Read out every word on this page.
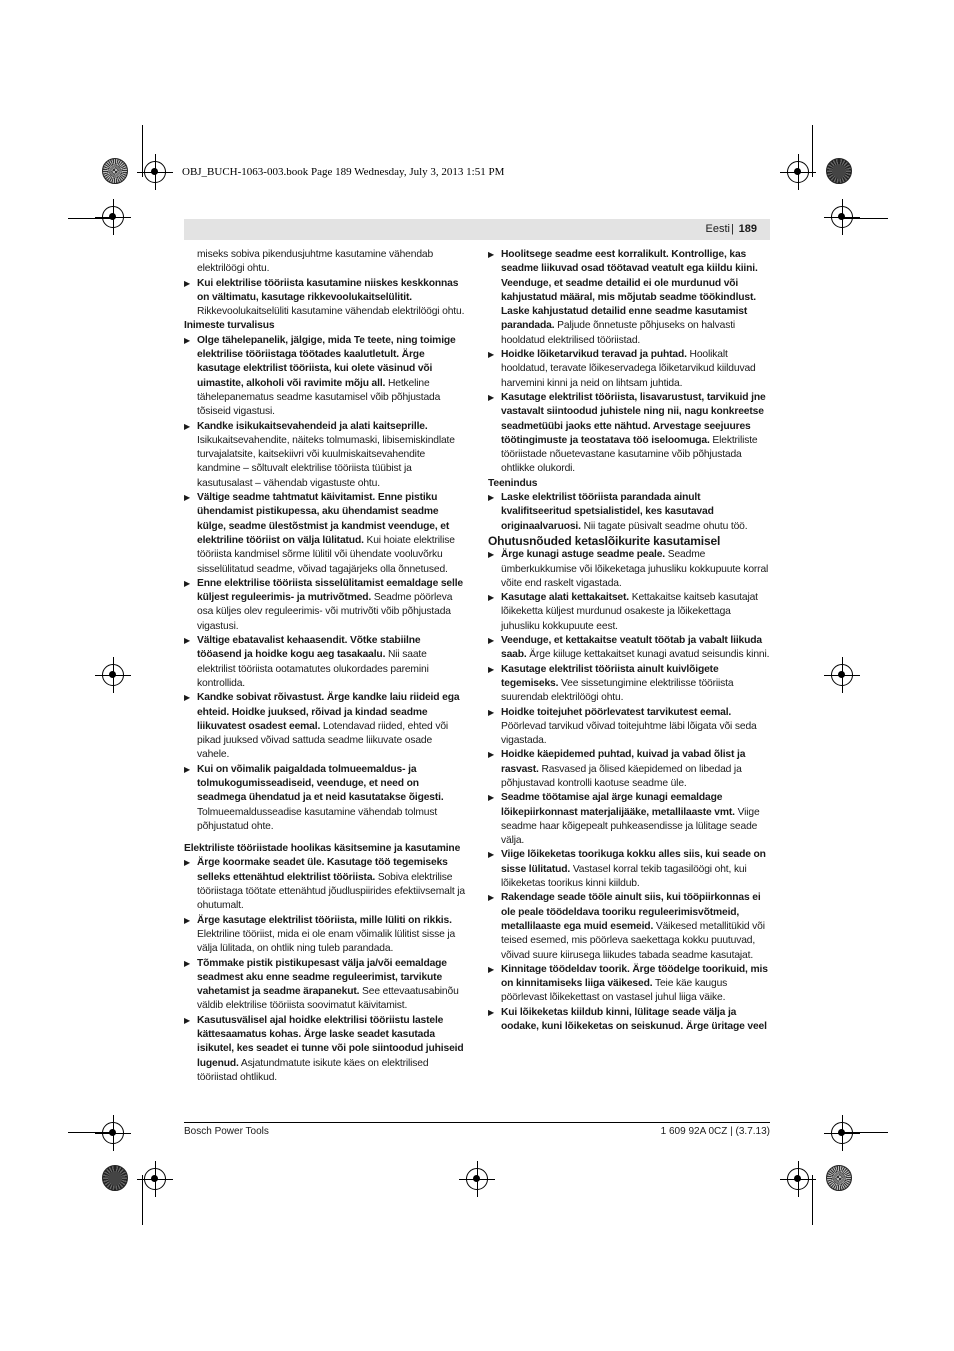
OBJ_BUCH-1063-003.book Page 189 Wednesday, July 3, 2013 1:51 PM
Eesti | 189

miseks sobiva pikendusjuhtme kasutamine vähendab elektrilöögi ohtu.

▶ Kui elektrilise tööriista kasutamine niiskes keskkonnas on vältimatu, kasutage rikkevoolukaitselülitit. Rikkevoolukaitselüliti kasutamine vähendab elektrilöögi ohtu.

Inimeste turvalisus

▶ Olge tähelepanelik, jälgige, mida Te teete, ning toimige elektrilise tööriistaga töötades kaalutletult. Ärge kasutage elektrilist tööriista, kui olete väsinud või uimastite, alkoholi või ravimite mõju all. Hetkeline tähelepanematus seadme kasutamisel võib põhjustada tõsiseid vigastusi.

▶ Kandke isikukaitsevahendeid ja alati kaitseprille. Isikukaitsevahendite, näiteks tolmumaski, libisemiskindlate turvajalatsite, kaitsekiivri või kuulmiskaitsevahendite kandmine – sõltuvalt elektrilise tööriista tüübist ja kasutusalast – vähendab vigastuste ohtu.

▶ Vältige seadme tahtmatut käivitamist. Enne pistiku ühendamist pistikupessa, aku ühendamist seadme külge, seadme ülestõstmist ja kandmist veenduge, et elektriline tööriist on välja lülitatud. Kui hoiate elektrilise tööriista kandmisel sõrme lülitil või ühendate vooluvõrku sisselülitatud seadme, võivad tagajärjeks olla õnnetused.

▶ Enne elektrilise tööriista sisselülitamist eemaldage selle küljest reguleerimis- ja mutrivõtmed. Seadme pöörleva osa küljes olev reguleerimis- või mutrivõti võib põhjustada vigastusi.

▶ Vältige ebatavalist kehaasendit. Võtke stabiilne tööasend ja hoidke kogu aeg tasakaalu. Nii saate elektrilist tööriista ootamatutes olukordades paremini kontrollida.

▶ Kandke sobivat rõivastust. Ärge kandke laiu riideid ega ehteid. Hoidke juuksed, rõivad ja kindad seadme liikuvatest osadest eemal. Lotendavad riided, ehted või pikad juuksed võivad sattuda seadme liikuvate osade vahele.

▶ Kui on võimalik paigaldada tolmueemaldus- ja tolmukogumisseadiseid, veenduge, et need on seadmega ühendatud ja et neid kasutatakse õigesti. Tolmueemaldusseadise kasutamine vähendab tolmust põhjustatud ohte.

Elektriliste tööriistade hoolikas käsitsemine ja kasutamine

▶ Ärge koormake seadet üle. Kasutage töö tegemiseks selleks ettenähtud elektrilist tööriista. Sobiva elektrilise tööriistaga töötate ettenähtud jõudluspiirides efektiivsemalt ja ohutumalt.

▶ Ärge kasutage elektrilist tööriista, mille lüliti on rikkis. Elektriline tööriist, mida ei ole enam võimalik lülitist sisse ja välja lülitada, on ohtlik ning tuleb parandada.

▶ Tõmmake pistik pistikupesast välja ja/või eemaldage seadmest aku enne seadme reguleerimist, tarvikute vahetamist ja seadme ärapanekut. See ettevaatusabinõu väldib elektrilise tööriista soovimatut käivitamist.

▶ Kasutusvälisel ajal hoidke elektrilisi tööriistu lastele kättesaamatus kohas. Ärge laske seadet kasutada isikutel, kes seadet ei tunne või pole siintoodud juhiseid lugenud. Asjatundmatute isikute käes on elektrilised tööriistad ohtlikud.

▶ Hoolitsege seadme eest korralikult. Kontrollige, kas seadme liikuvad osad töötavad veatult ega kiildu kiini. Veenduge, et seadme detailid ei ole murdunud või kahjustatud määral, mis mõjutab seadme töökindlust. Laske kahjustatud detailid enne seadme kasutamist parandada. Paljude õnnetuste põhjuseks on halvasti hooldatud elektrilised tööriistad.

▶ Hoidke lõiketarvikud teravad ja puhtad. Hoolikalt hooldatud, teravate lõikeservadega lõiketarvikud kiilduvad harvemini kinni ja neid on lihtsam juhtida.

▶ Kasutage elektrilist tööriista, lisavarustust, tarvikuid jne vastavalt siintoodud juhistele ning nii, nagu konkreetse seadmetüübi jaoks ette nähtud. Arvestage seejuures töötingimuste ja teostatava töö iseloomuga. Elektriliste tööriistade nõuetevastane kasutamine võib põhjustada ohtlikke olukordi.

Teenindus

▶ Laske elektrilist tööriista parandada ainult kvalifitseeritud spetsialistidel, kes kasutavad originaalvaruosi. Nii tagate püsivalt seadme ohutu töö.

Ohutusnõuded ketaslõikurite kasutamisel

▶ Ärge kunagi astuge seadme peale. Seadme ümberkukkumise või lõikeketaga juhusliku kokkupuute korral võite end raskelt vigastada.

▶ Kasutage alati kettakaitset. Kettakaitse kaitseb kasutajat lõikeketta küljest murdunud osakeste ja lõikekettaga juhusliku kokkupuute eest.

▶ Veenduge, et kettakaitse veatult töötab ja vabalt liikuda saab. Ärge kiiluge kettakaitset kunagi avatud seisundis kinni.

▶ Kasutage elektrilist tööriista ainult kuivlõigete tegemiseks. Vee sissetungimine elektrilisse tööriista suurendab elektrilöögi ohtu.

▶ Hoidke toitejuhet pöörlevatest tarvikutest eemal. Pöörlevad tarvikud võivad toitejuhtme läbi lõigata või seda vigastada.

▶ Hoidke käepidemed puhtad, kuivad ja vabad õlist ja rasvast. Rasvased ja õlised käepidemed on libedad ja põhjustavad kontrolli kaotuse seadme üle.

▶ Seadme töötamise ajal ärge kunagi eemaldage lõikepiirkonnast materjalijääke, metallilaaste vmt. Viige seadme haar kõigepealt puhkeasendisse ja lülitage seade välja.

▶ Viige lõikeketas toorikuga kokku alles siis, kui seade on sisse lülitatud. Vastasel korral tekib tagasilöögi oht, kui lõikeketas toorikus kinni kiildub.

▶ Rakendage seade tööle ainult siis, kui tööpiirkonnas ei ole peale töödeldava tooriku reguleerimisvõtmeid, metallilaaste ega muid esemeid. Väikesed metallitükid või teised esemed, mis pöörleva saekettaga kokku puutuvad, võivad suure kiirusega liikudes tabada seadme kasutajat.

▶ Kinnitage töödeldav toorik. Ärge töödelge toorikuid, mis on kinnitamiseks liiga väikesed. Teie käe kaugus pöörlevast lõikekettast on vastasel juhul liiga väike.

▶ Kui lõikeketas kiildub kinni, lülitage seade välja ja oodake, kuni lõikeketas on seiskunud. Ärge üritage veel

Bosch Power Tools	1 609 92A 0CZ | (3.7.13)
